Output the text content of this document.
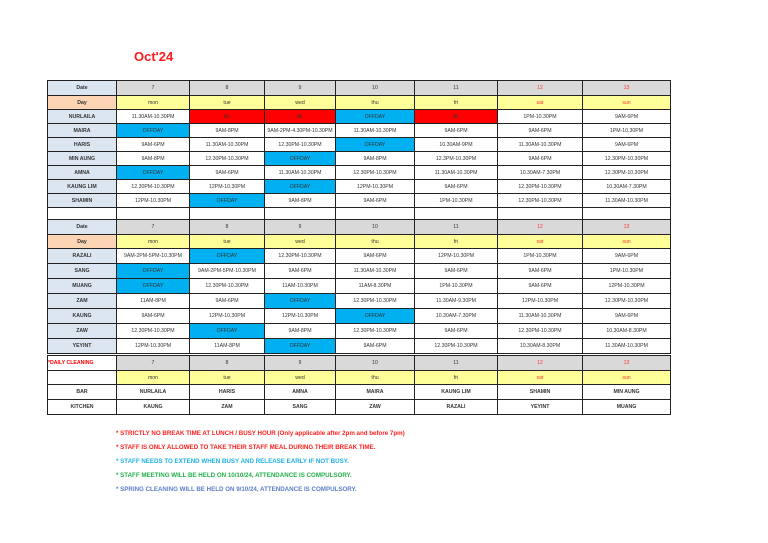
Oct'24
Date	7	8	9	10	11	12	13
Day	mon	tue	wed	thu	fri	sat	sun
NURLAILA	11.30AM-10.30PM	AL	AL	OFFDAY	AL	1PM-10.30PM	9AM-6PM
MAIRA	OFFDAY	9AM-8PM	9AM-2PM-4.30PM-10.30PM	11.30AM-10.30PM	9AM-6PM	9AM-6PM	1PM-10.30PM
HARIS	9AM-6PM	11.30AM-10.30PM	12.30PM-10.30PM	OFFDAY	10.30AM-9PM	11.30AM-10.30PM	9AM-6PM
MIN AUNG	9AM-8PM	12.30PM-10.30PM	OFFDAY	9AM-8PM	12.3PM-10.30PM	9AM-6PM	12.30PM-10.30PM
AMNA	OFFDAY	9AM-6PM	11.30AM-10.30PM	12.30PM-10.30PM	11.30AM-10.30PM	10.30AM-7.30PM	12.30PM-10.30PM
KAUNG LIM	12.30PM-10.30PM	12PM-10.30PM	OFFDAY	12PM-10.30PM	9AM-6PM	12.30PM-10.30PM	10.30AM-7.30PM
SHAMIN	12PM-10.30PM	OFFDAY	9AM-8PM	9AM-6PM	1PM-10.30PM	12.30PM-10.30PM	11.30AM-10.30PM

Date	7	8	9	10	11	12	13
Day	mon	tue	wed	thu	fri	sat	sun
RAZALI	9AM-2PM-5PM-10.30PM	OFFDAY	12.30PM-10.30PM	9AM-6PM	12PM-10.30PM	1PM-10.30PM	9AM-6PM
SANG	OFFDAY	9AM-2PM-5PM-10.30PM	9AM-6PM	11.30AM-10.30PM	9AM-6PM	9AM-6PM	1PM-10.30PM
MUANG	OFFDAY	12.30PM-10.30PM	11AM-10.30PM	11AM-8.30PM	1PM-10.30PM	9AM-6PM	12PM-10.30PM
ZAM	11AM-8PM	9AM-6PM	OFFDAY	12.30PM-10.30PM	11.30AM-9.30PM	12PM-10.30PM	12.30PM-10.30PM
KAUNG	9AM-6PM	12PM-10.30PM	12PM-10.30PM	OFFDAY	10.30AM-7.30PM	11.30AM-10.30PM	9AM-6PM
ZAW	12.30PM-10.30PM	OFFDAY	9AM-8PM	12.30PM-10.30PM	9AM-6PM	12.30PM-10.30PM	10.30AM-8.30PM
YEYINT	12PM-10.30PM	11AM-8PM	OFFDAY	9AM-6PM	12.30PM-10.30PM	10.30AM-8.30PM	11.30AM-10.30PM
*DAILY CLEANING	7	8	9	10	11	12	13
	mon	tue	wed	thu	fri	sat	sun
BAR	NURLAILA	HARIS	AMNA	MAIRA	KAUNG LIM	SHAMIN	MIN AUNG
KITCHEN	KAUNG	ZAM	SANG	ZAW	RAZALI	YEYINT	MUANG
* STRICTLY NO BREAK TIME AT LUNCH / BUSY HOUR (Only applicable after 2pm and before 7pm)
* STAFF IS ONLY ALLOWED TO TAKE THEIR STAFF MEAL DURING THEIR BREAK TIME.
* STAFF NEEDS TO EXTEND WHEN BUSY AND RELEASE EARLY IF NOT BUSY.
* STAFF MEETING WILL BE HELD ON 10/10/24, ATTENDANCE IS COMPULSORY.
* SPRING CLEANING WILL BE HELD ON 9/10/24, ATTENDANCE IS COMPULSORY.
